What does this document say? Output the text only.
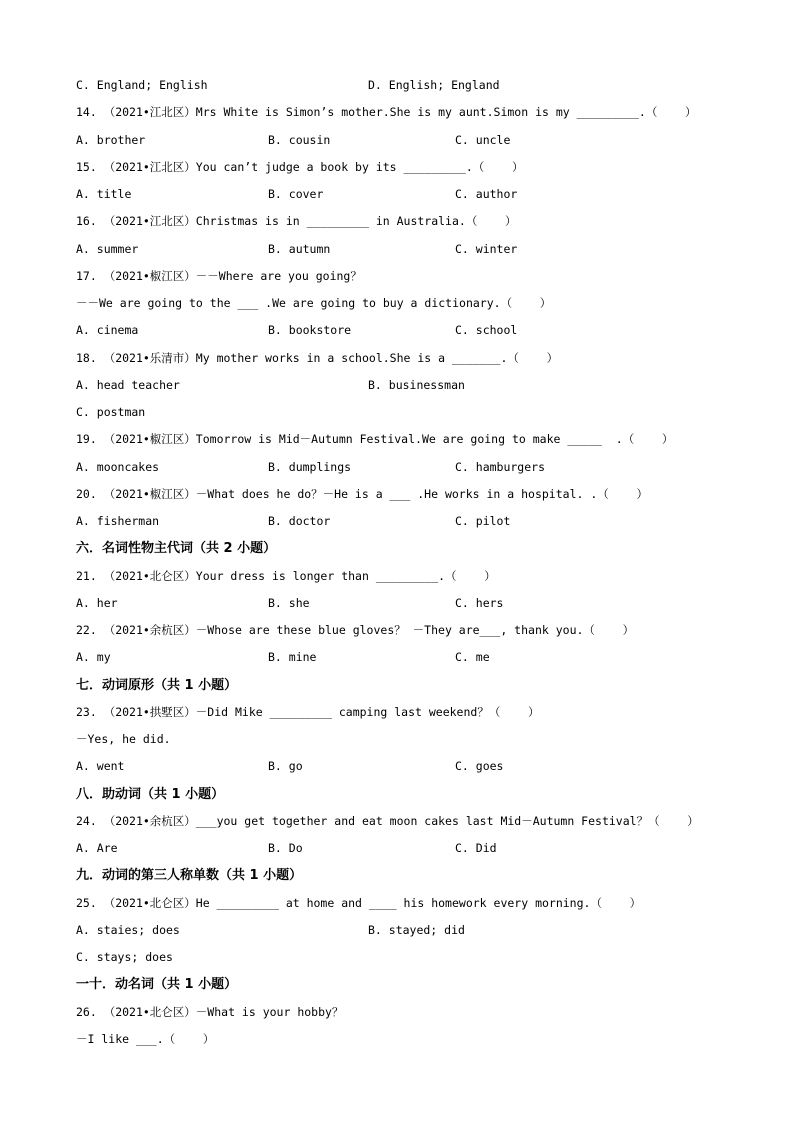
C. England; English	D. English; England
14. （2021•江北区）Mrs White is Simon’s mother.She is my aunt.Simon is my _________.（    ）
A. brother	B. cousin	C. uncle
15. （2021•江北区）You can’t judge a book by its _________.（    ）
A. title	B. cover	C. author
16. （2021•江北区）Christmas is in _________ in Australia.（    ）
A. summer	B. autumn	C. winter
17. （2021•椒江区）－－Where are you going？
－－We are going to the ___ .We are going to buy a dictionary.（    ）
A. cinema	B. bookstore	C. school
18. （2021•乐清市）My mother works in a school.She is a _______.（    ）
A. head teacher	B. businessman
C. postman
19. （2021•椒江区）Tomorrow is Mid－Autumn Festival.We are going to make _____  .（    ）
A. mooncakes	B. dumplings	C. hamburgers
20. （2021•椒江区）－What does he do？－He is a ___ .He works in a hospital. .（    ）
A. fisherman	B. doctor	C. pilot
六．名词性物主代词（共 2 小题）
21. （2021•北仑区）Your dress is longer than _________.（    ）
A. her	B. she	C. hers
22. （2021•余杭区）－Whose are these blue gloves？ －They are___, thank you.（    ）
A. my	B. mine	C. me
七．动词原形（共 1 小题）
23. （2021•拱墅区）－Did Mike _________ camping last weekend？（    ）
－Yes, he did.
A. went	B. go	C. goes
八．助动词（共 1 小题）
24. （2021•余杭区）___you get together and eat moon cakes last Mid－Autumn Festival？（    ）
A. Are	B. Do	C. Did
九．动词的第三人称单数（共 1 小题）
25. （2021•北仑区）He _________ at home and ____ his homework every morning.（    ）
A. staies; does	B. stayed; did
C. stays; does
一十．动名词（共 1 小题）
26. （2021•北仑区）－What is your hobby？
－I like ___.（    ）
